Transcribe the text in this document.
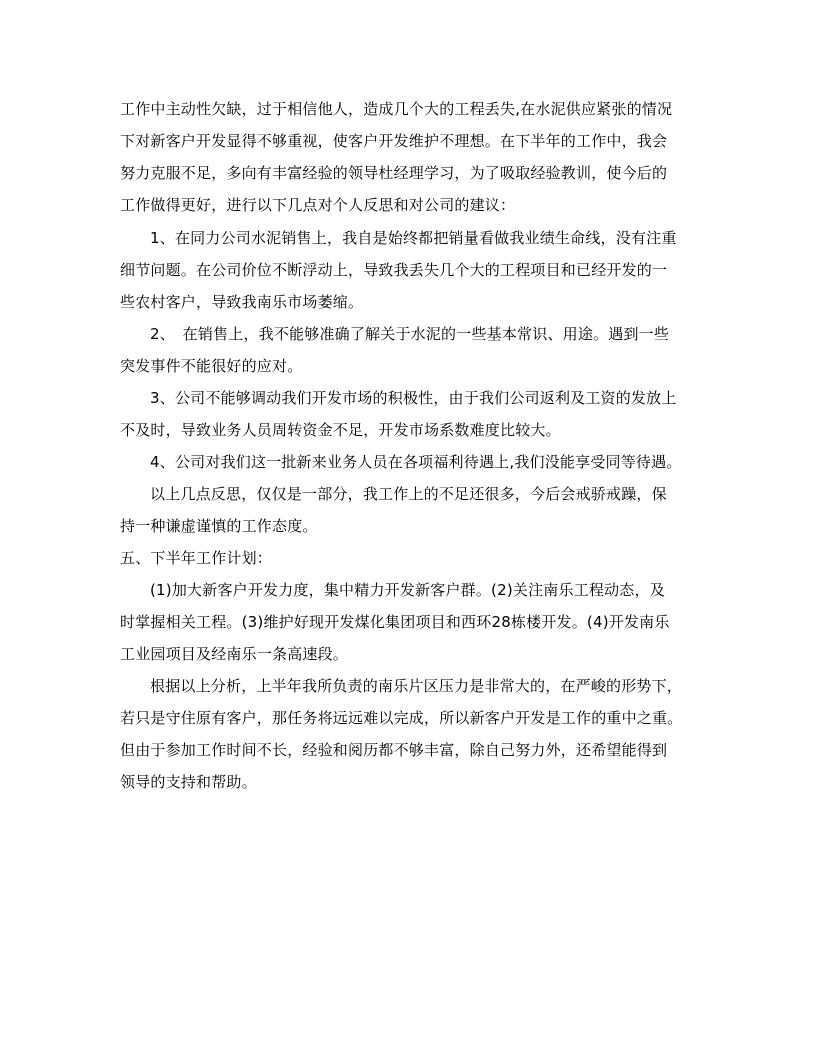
工作中主动性欠缺，过于相信他人，造成几个大的工程丢失,在水泥供应紧张的情况
下对新客户开发显得不够重视，使客户开发维护不理想。在下半年的工作中，我会
努力克服不足，多向有丰富经验的领导杜经理学习，为了吸取经验教训，使今后的
工作做得更好，进行以下几点对个人反思和对公司的建议：
1、在同力公司水泥销售上，我自是始终都把销量看做我业绩生命线，没有注重
细节问题。在公司价位不断浮动上，导致我丢失几个大的工程项目和已经开发的一
些农村客户，导致我南乐市场萎缩。
2、　在销售上，我不能够准确了解关于水泥的一些基本常识、用途。遇到一些
突发事件不能很好的应对。
3、公司不能够调动我们开发市场的积极性，由于我们公司返利及工资的发放上
不及时，导致业务人员周转资金不足，开发市场系数难度比较大。
4、公司对我们这一批新来业务人员在各项福利待遇上,我们没能享受同等待遇。
以上几点反思，仅仅是一部分，我工作上的不足还很多，今后会戒骄戒躁，保
持一种谦虚谨慎的工作态度。
五、下半年工作计划：
(1)加大新客户开发力度，集中精力开发新客户群。(2)关注南乐工程动态，及
时掌握相关工程。(3)维护好现开发煤化集团项目和西环28栋楼开发。(4)开发南乐
工业园项目及经南乐一条高速段。
根据以上分析，上半年我所负责的南乐片区压力是非常大的，在严峻的形势下，
若只是守住原有客户，那任务将远远难以完成，所以新客户开发是工作的重中之重。
但由于参加工作时间不长，经验和阅历都不够丰富，除自己努力外，还希望能得到
领导的支持和帮助。
